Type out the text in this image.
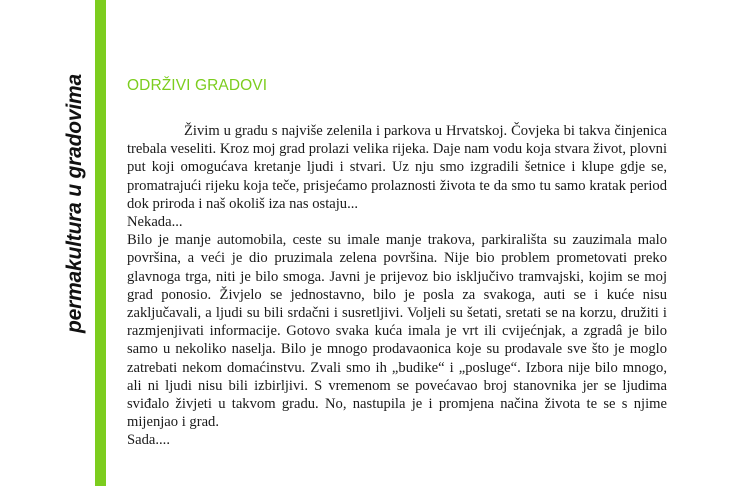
permakultura u gradovima	ODRŽIVI GRADOVI

Živim u gradu s najviše zelenila i parkova u Hrvatskoj. Čovjeka bi takva činjenica trebala veseliti. Kroz moj grad prolazi velika rijeka. Daje nam vodu koja stvara život, plovni put koji omogućava kretanje ljudi i stvari. Uz nju smo izgradili šetnice i klupe gdje se, promatrajući rijeku koja teče, prisjećamo prolaznosti života te da smo tu samo kratak period dok priroda i naš okoliš iza nas ostaju...

Nekada...

Bilo je manje automobila, ceste su imale manje trakova, parkirališta su zauzimala malo površina, a veći je dio pruzimala zelena površina. Nije bio problem prometovati preko glavnoga trga, niti je bilo smoga. Javni je prijevoz bio isključivo tramvajski, kojim se moj grad ponosio. Živjelo se jednostavno, bilo je posla za svakoga, auti se i kuće nisu zaključavali, a ljudi su bili srdačni i susretljivi. Voljeli su šetati, sretati se na korzu, družiti i razmjenjivati informacije. Gotovo svaka kuća imala je vrt ili cvijećnjak, a zgradâ je bilo samo u nekoliko naselja. Bilo je mnogo prodavaonica koje su prodavale sve što je moglo zatrebati nekom domaćinstvu. Zvali smo ih „budike“ i „posluge“. Izbora nije bilo mnogo, ali ni ljudi nisu bili izbirljivi. S vremenom se povećavao broj stanovnika jer se ljudima sviđalo živjeti u takvom gradu. No, nastupila je i promjena načina života te se s njime mijenjao i grad.

Sada....
